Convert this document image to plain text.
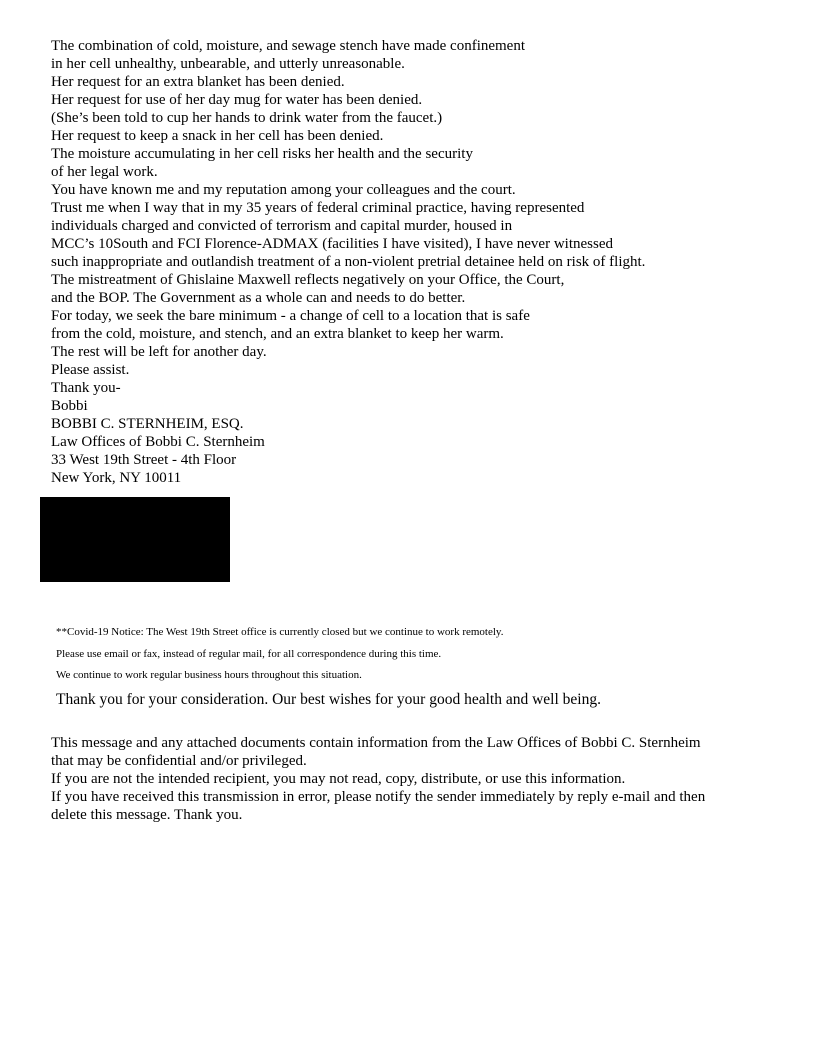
The combination of cold, moisture, and sewage stench have made confinement
in her cell unhealthy, unbearable, and utterly unreasonable.
Her request for an extra blanket has been denied.
Her request for use of her day mug for water has been denied.
(She’s been told to cup her hands to drink water from the faucet.)
Her request to keep a snack in her cell has been denied.
The moisture accumulating in her cell risks her health and the security
of her legal work.
You have known me and my reputation among your colleagues and the court.
Trust me when I way that in my 35 years of federal criminal practice, having represented
individuals charged and convicted of terrorism and capital murder, housed in
MCC’s 10South and FCI Florence-ADMAX (facilities I have visited), I have never witnessed
such inappropriate and outlandish treatment of a non-violent pretrial detainee held on risk of flight.
The mistreatment of Ghislaine Maxwell reflects negatively on your Office, the Court,
and the BOP. The Government as a whole can and needs to do better.
For today, we seek the bare minimum - a change of cell to a location that is safe
from the cold, moisture, and stench, and an extra blanket to keep her warm.
The rest will be left for another day.
Please assist.
Thank you-
Bobbi
BOBBI C. STERNHEIM, ESQ.
Law Offices of Bobbi C. Sternheim
33 West 19th Street - 4th Floor
New York, NY 10011
**Covid-19 Notice: The West 19th Street office is currently closed but we continue to work remotely.
Please use email or fax, instead of regular mail, for all correspondence during this time.
We continue to work regular business hours throughout this situation.
Thank you for your consideration. Our best wishes for your good health and well being.
This message and any attached documents contain information from the Law Offices of Bobbi C. Sternheim
that may be confidential and/or privileged.
If you are not the intended recipient, you may not read, copy, distribute, or use this information.
If you have received this transmission in error, please notify the sender immediately by reply e-mail and then
delete this message. Thank you.
